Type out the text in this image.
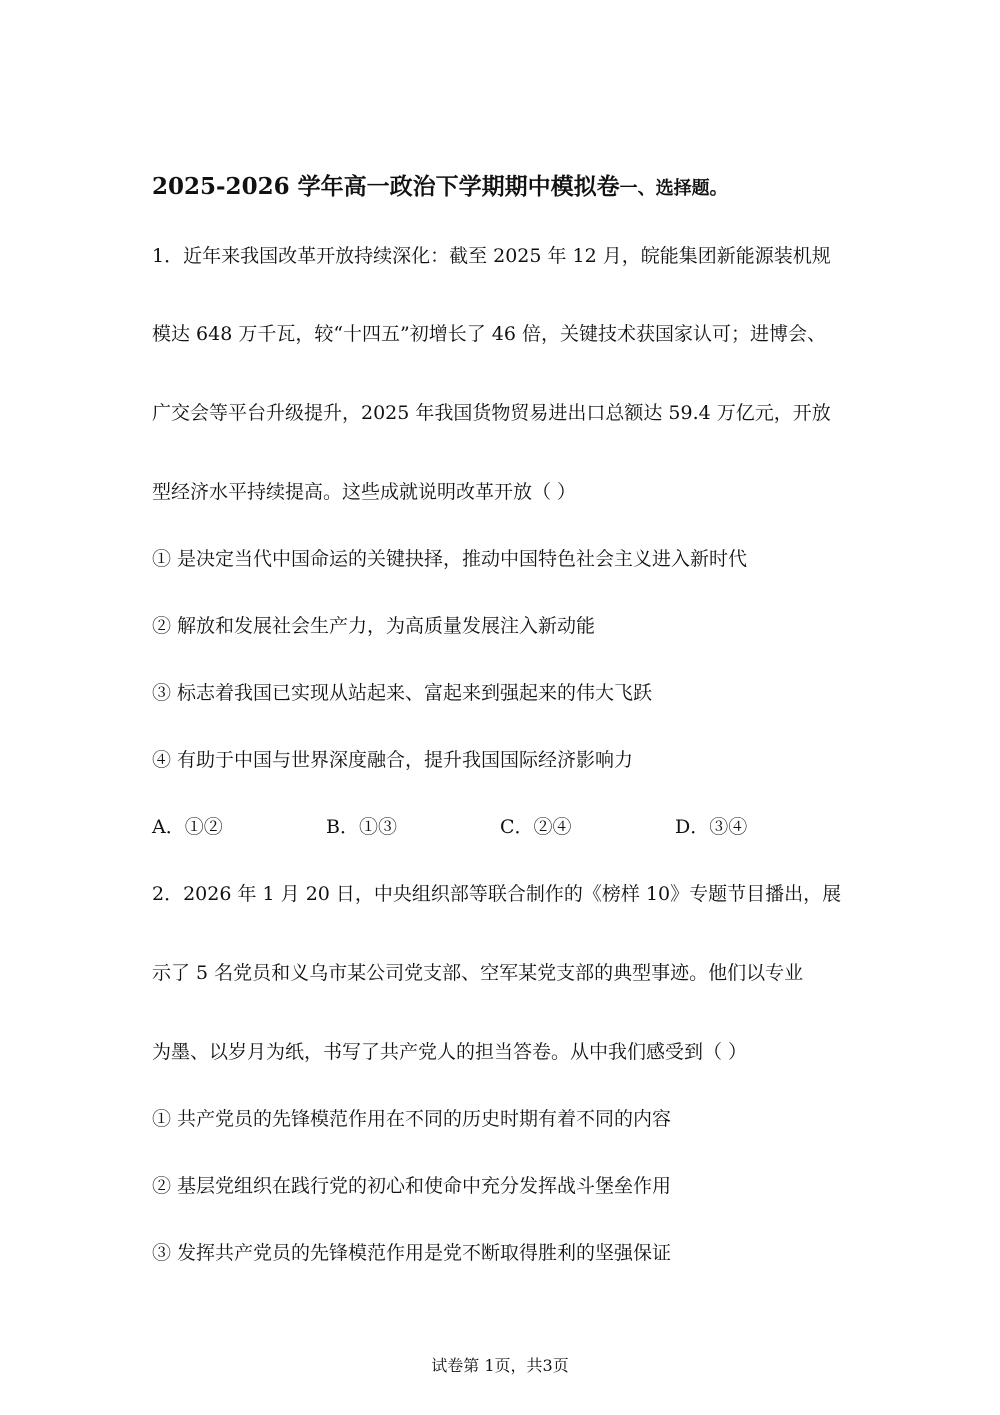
2025-2026 学年高一政治下学期期中模拟卷一、选择题。
1．近年来我国改革开放持续深化：截至 2025 年 12 月，皖能集团新能源装机规
模达 648 万千瓦，较“十四五”初增长了 46 倍，关键技术获国家认可；进博会、
广交会等平台升级提升，2025 年我国货物贸易进出口总额达 59.4 万亿元，开放
型经济水平持续提高。这些成就说明改革开放（ ）
① 是决定当代中国命运的关键抉择，推动中国特色社会主义进入新时代
② 解放和发展社会生产力，为高质量发展注入新动能
③ 标志着我国已实现从站起来、富起来到强起来的伟大飞跃
④ 有助于中国与世界深度融合，提升我国国际经济影响力
A．①②	B．①③	C．②④	D．③④
2．2026 年 1 月 20 日，中央组织部等联合制作的《榜样 10》专题节目播出，展
示了 5 名党员和义乌市某公司党支部、空军某党支部的典型事迹。他们以专业
为墨、以岁月为纸，书写了共产党人的担当答卷。从中我们感受到（ ）
① 共产党员的先锋模范作用在不同的历史时期有着不同的内容
② 基层党组织在践行党的初心和使命中充分发挥战斗堡垒作用
③ 发挥共产党员的先锋模范作用是党不断取得胜利的坚强保证
试卷第 1页，共3页
